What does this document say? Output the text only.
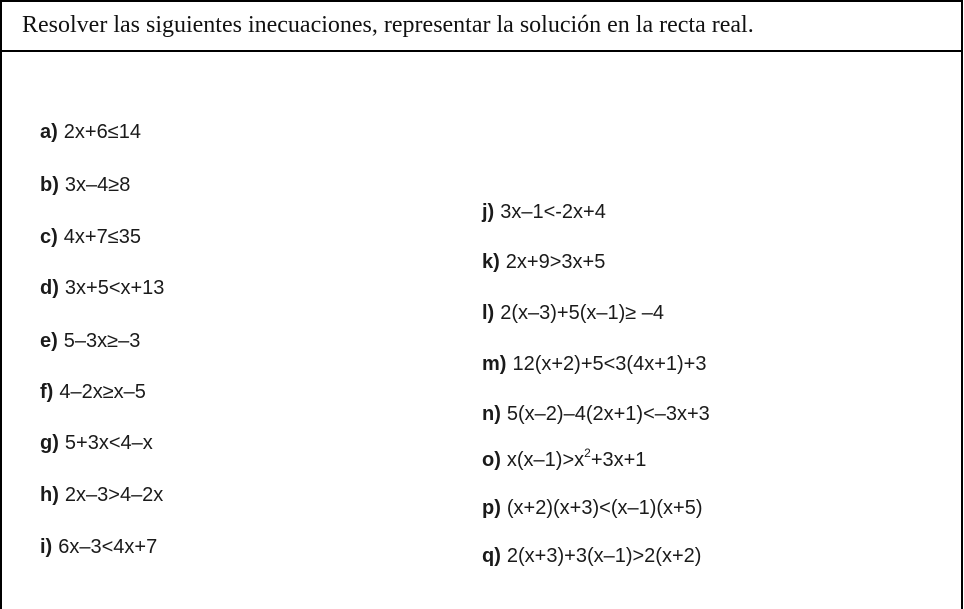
Resolver las siguientes inecuaciones, representar la solución en la recta real.
a) 2x+6≤14
b) 3x–4≥8
c) 4x+7≤35
d) 3x+5<x+13
e) 5–3x≥–3
f) 4–2x≥x–5
g) 5+3x<4–x
h) 2x–3>4–2x
i) 6x–3<4x+7
j) 3x–1<-2x+4
k) 2x+9>3x+5
l) 2(x–3)+5(x–1)≥ –4
m) 12(x+2)+5<3(4x+1)+3
n) 5(x–2)–4(2x+1)<–3x+3
o) $x(x-1)>x^2+3x+1$
p) (x+2)(x+3)<(x–1)(x+5)
q) 2(x+3)+3(x–1)>2(x+2)
